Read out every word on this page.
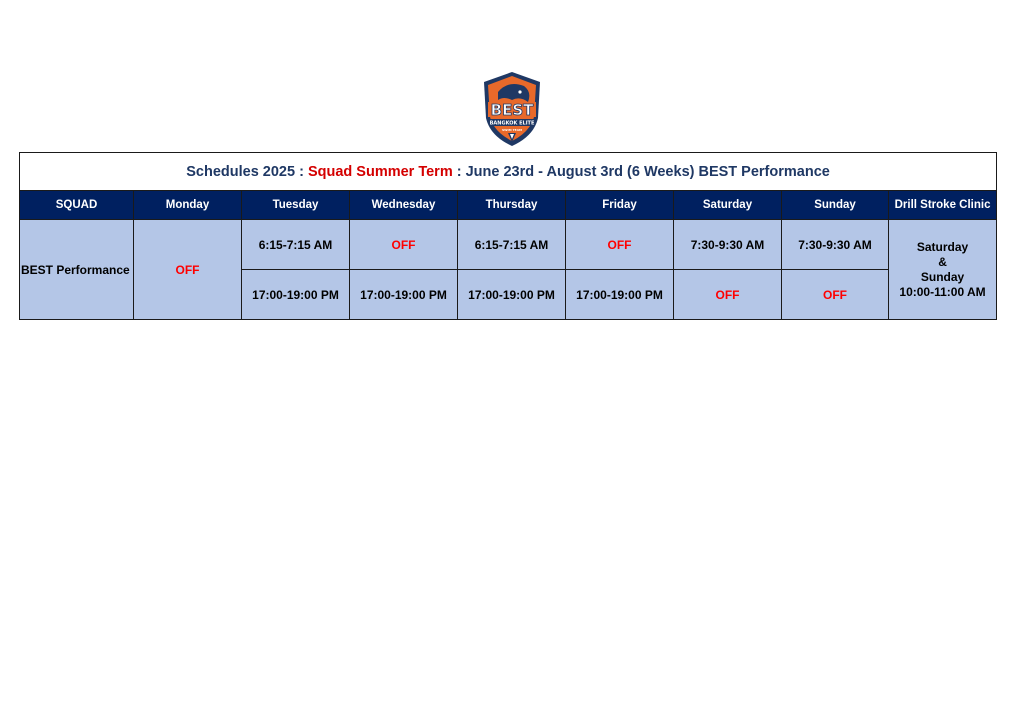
BEST
BANGKOK ELITE
SWIM TEAM
Schedules 2025 : Squad Summer Term : June 23rd - August 3rd (6 Weeks) BEST Performance								
SQUAD	Monday	Tuesday	Wednesday	Thursday	Friday	Saturday	Sunday	Drill Stroke Clinic
BEST Performance	OFF	6:15-7:15 AM	OFF	6:15-7:15 AM	OFF	7:30-9:30 AM	7:30-9:30 AM	Saturday
&
Sunday
10:00-11:00 AM

		17:00-19:00 PM	17:00-19:00 PM	17:00-19:00 PM	17:00-19:00 PM	OFF	OFF	
